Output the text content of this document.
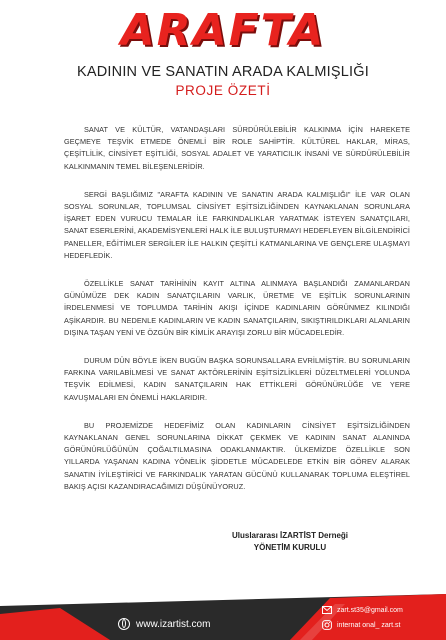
ARAFTA
KADININ VE SANATIN ARADA KALMIŞLIĞI
PROJE ÖZETİ

SANAT VE KÜLTÜR, VATANDAŞLARI SÜRDÜRÜLEBİLİR KALKINMA İÇİN HAREKETE GEÇMEYE TEŞVİK ETMEDE ÖNEMLİ BİR ROLE SAHİPTİR. KÜLTÜREL HAKLAR, MİRAS, ÇEŞİTLİLİK, CİNSİYET EŞİTLİĞİ, SOSYAL ADALET VE YARATICILIK İNSANİ VE SÜRDÜRÜLEBİLİR KALKINMANIN TEMEL BİLEŞENLERİDİR.

SERGİ BAŞLIĞIMIZ "ARAFTA KADININ VE SANATIN ARADA KALMIŞLIĞI" İLE VAR OLAN SOSYAL SORUNLAR, TOPLUMSAL CİNSİYET EŞİTSİZLİĞİNDEN KAYNAKLANAN SORUNLARA İŞARET EDEN VURUCU TEMALAR İLE FARKINDALIKLAR YARATMAK İSTEYEN SANATÇILARI, SANAT ESERLERİNİ, AKADEMİSYENLERİ HALK İLE BULUŞTURMAYI HEDEFLEYEN BİLGİLENDİRİCİ PANELLER, EĞİTİMLER SERGİLER İLE HALKIN ÇEŞİTLİ KATMANLARINA VE GENÇLERE ULAŞMAYI HEDEFLEDİK.

ÖZELLİKLE SANAT TARİHİNİN KAYIT ALTINA ALINMAYA BAŞLANDIĞI ZAMANLARDAN GÜNÜMÜZE DEK KADIN SANATÇILARIN VARLIK, ÜRETME VE EŞİTLİK SORUNLARININ İRDELENMESİ VE TOPLUMDA TARİHİN AKIŞI İÇİNDE KADINLARIN GÖRÜNMEZ KILINDIĞI AŞİKARDIR. BU NEDENLE KADINLARIN VE KADIN SANATÇILARIN, SIKIŞTIRILDIKLARI ALANLARIN DIŞINA TAŞAN YENİ VE ÖZGÜN BİR KİMLİK ARAYIŞI ZORLU BİR MÜCADELEDİR.

DURUM DÜN BÖYLE İKEN BUGÜN BAŞKA SORUNSALLARA EVRİLMİŞTİR. BU SORUNLARIN FARKINA VARILABİLMESİ VE SANAT AKTÖRLERİNİN EŞİTSİZLİKLERİ DÜZELTMELERİ YOLUNDA TEŞVİK EDİLMESİ, KADIN SANATÇILARIN HAK ETTİKLERİ GÖRÜNÜRLÜĞE VE YERE KAVUŞMALARI EN ÖNEMLİ HAKLARIDIR.

BU PROJEMİZDE HEDEFİMİZ OLAN KADINLARIN CİNSİYET EŞİTSİZLİĞİNDEN KAYNAKLANAN GENEL SORUNLARINA DİKKAT ÇEKMEK VE KADININ SANAT ALANINDA GÖRÜNÜRLÜĞÜNÜN ÇOĞALTILMASINA ODAKLANMAKTIR. ÜLKEMİZDE ÖZELLİKLE SON YILLARDA YAŞANAN KADINA YÖNELİK ŞİDDETLE MÜCADELEDE ETKİN BİR GÖREV ALARAK SANATIN İYİLEŞTİRİCİ VE FARKINDALIK YARATAN GÜCÜNÜ KULLANARAK TOPLUMA ELEŞTİREL BAKIŞ AÇISI KAZANDIRACAĞIMIZI DÜŞÜNÜYORUZ.

Uluslararası İZARTİST Derneği
YÖNETİM KURULU
www.izartist.com
zart.st35@gmail.com
internat onal_ zart.st
